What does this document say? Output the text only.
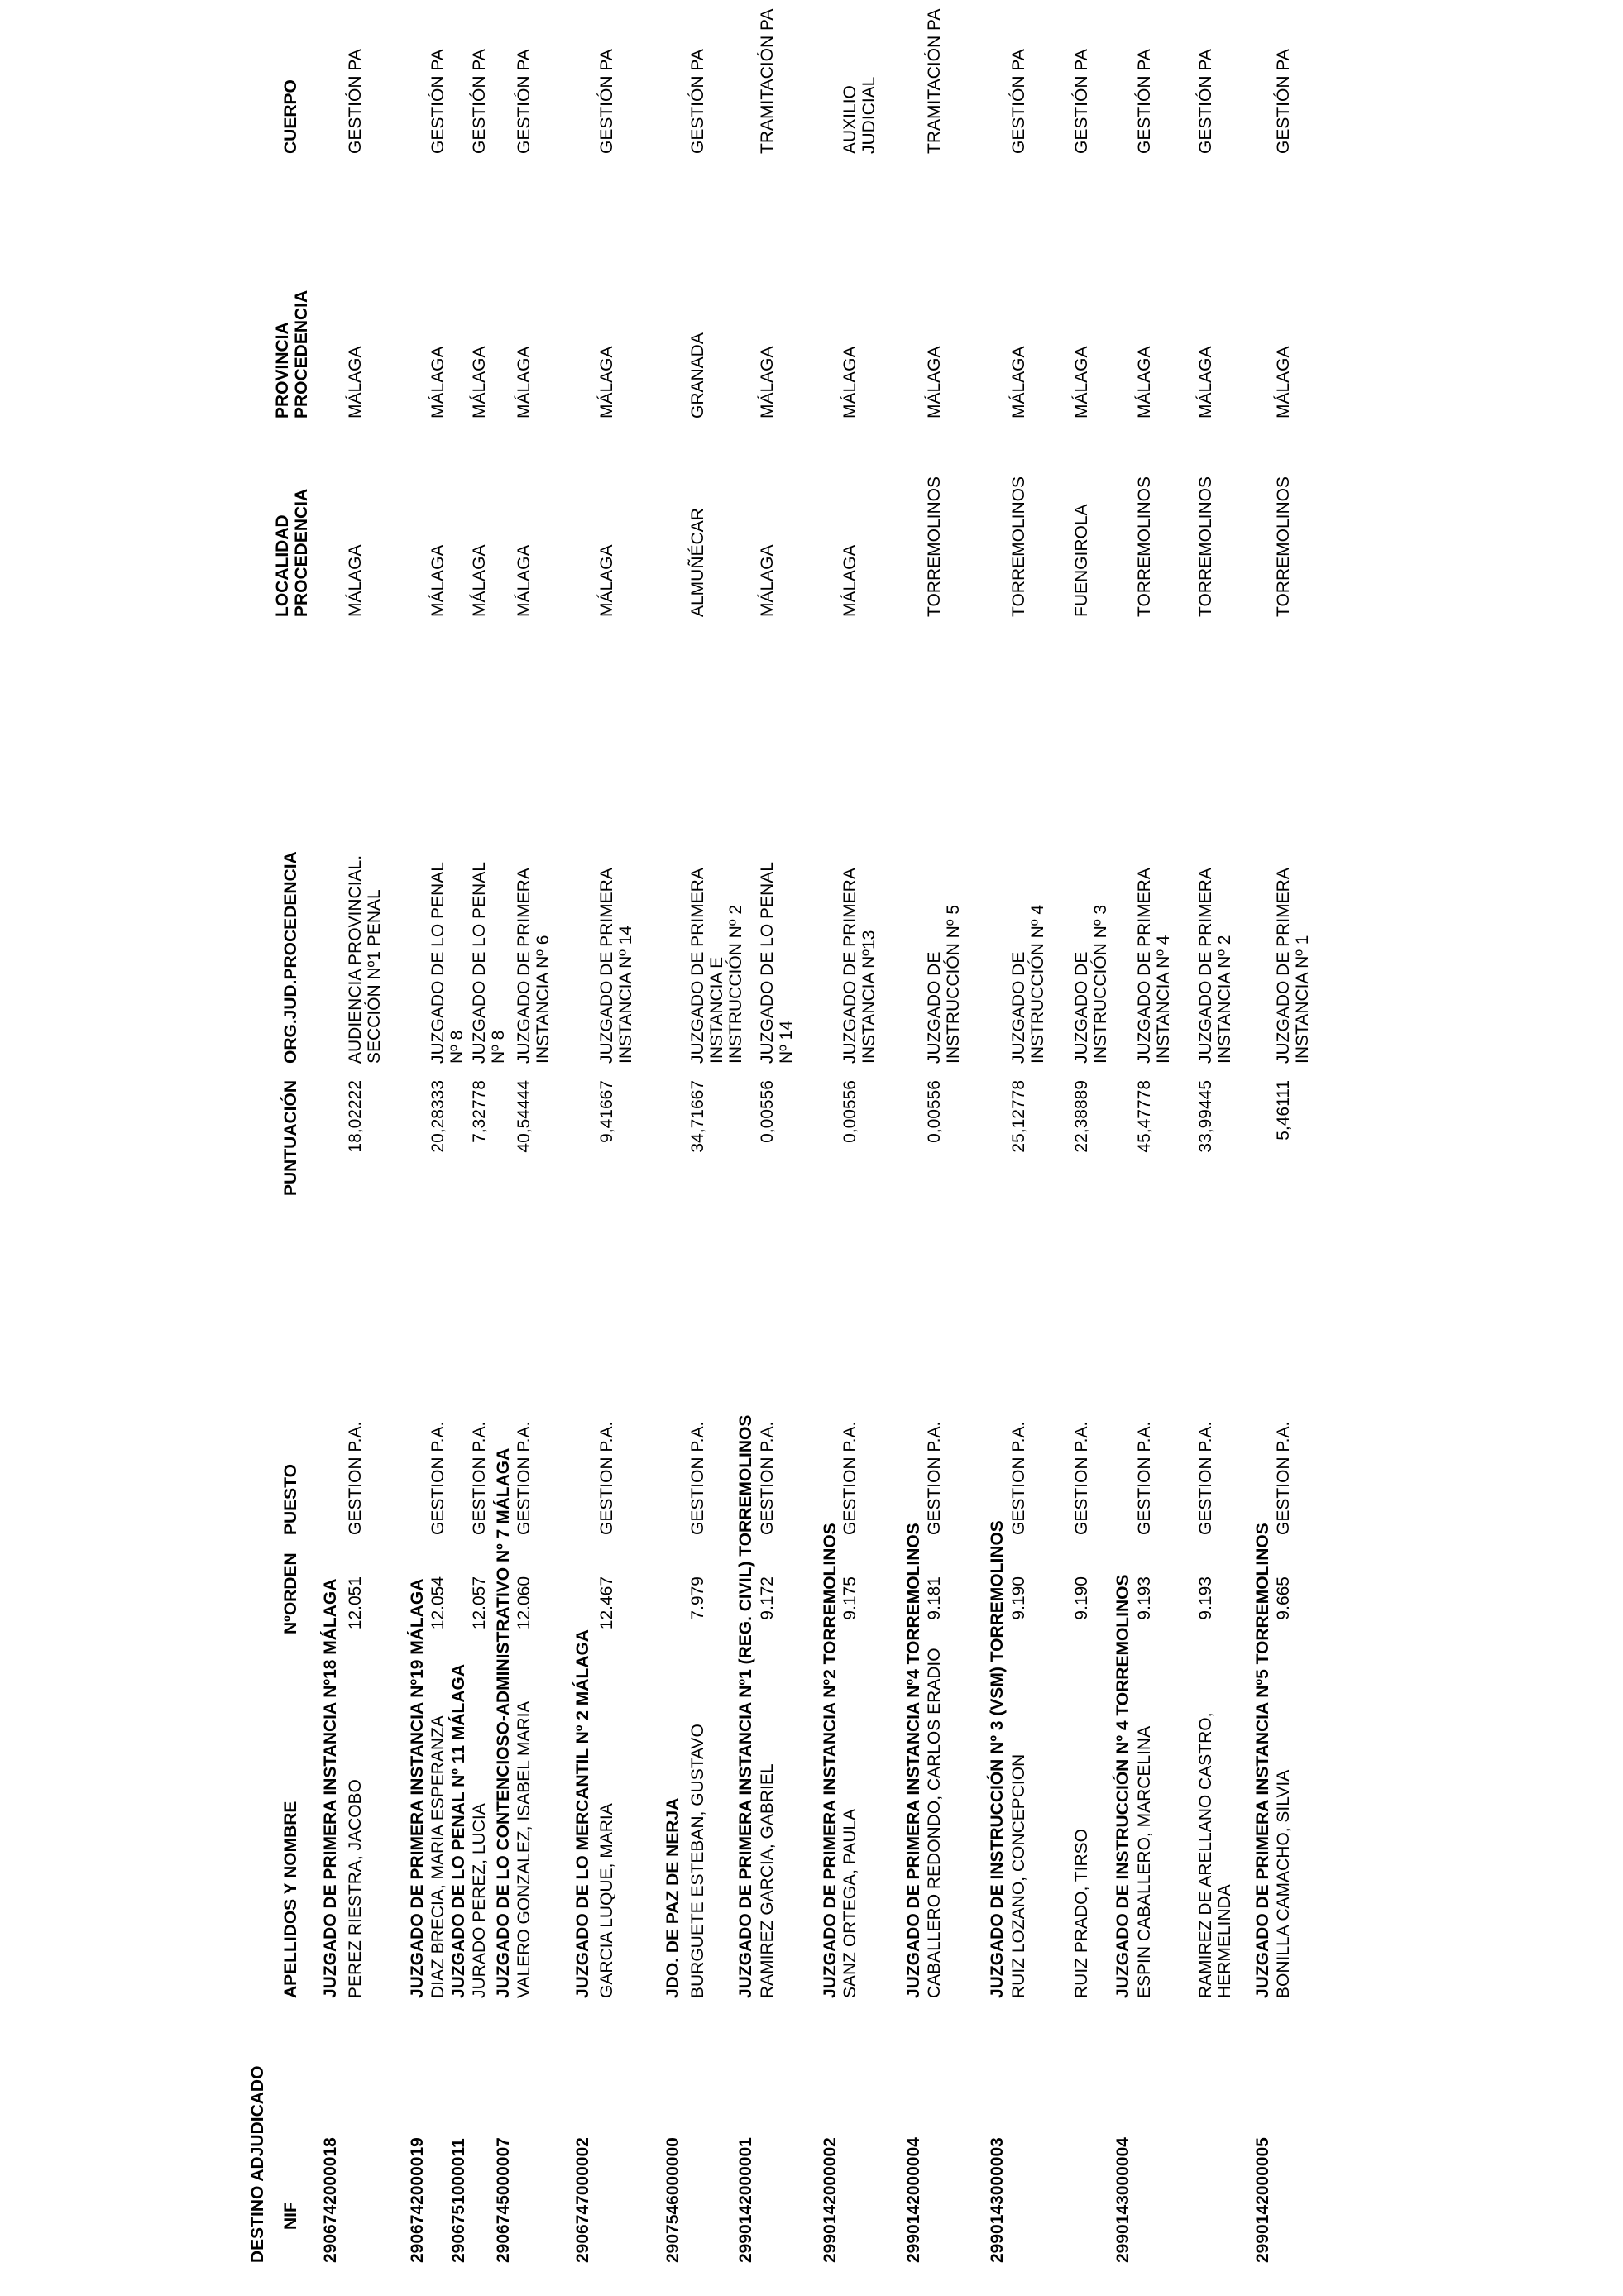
DESTINO ADJUDICADO NIF
APELLIDOS Y NOMBRE
NºORDEN
PUESTO
PUNTUACIÓN
ORG.JUD.PROCEDENCIA
LOCALIDAD
PROCEDENCIA
PROVINCIA
PROCEDENCIA
CUERPO
290674200001​8
JUZGADO DE PRIMERA INSTANCIA Nº18 MÁLAGA PEREZ RIESTRA, JACOBO
12.051
GESTION P.A.
18,02222
AUDIENCIA PROVINCIAL. SECCIÓN Nº1 PENAL
MÁLAGA
MÁLAGA
GESTIÓN PA
290674200001​9
JUZGADO DE PRIMERA INSTANCIA Nº19 MÁLAGA DIAZ BRECIA, MARIA ESPERANZA
12.054
GESTION P.A.
20,28333
JUZGADO DE LO PENAL Nº 8
MÁLAGA
MÁLAGA
GESTIÓN PA
2906751000011
JUZGADO DE LO PENAL Nº 11 MÁLAGA JURADO PEREZ, LUCIA
12.057
GESTION P.A.
7,32778
JUZGADO DE LO PENAL Nº 8
MÁLAGA
MÁLAGA
GESTIÓN PA
2906745000007
JUZGADO DE LO CONTENCIOSO-ADMINISTRATIVO Nº 7 MÁLAGA VALERO GONZALEZ, ISABEL MARIA
12.060
GESTION P.A.
40,54444
JUZGADO DE PRIMERA INSTANCIA Nº 6
MÁLAGA
MÁLAGA
GESTIÓN PA
2906747000002
JUZGADO DE LO MERCANTIL Nº 2 MÁLAGA GARCIA LUQUE, MARIA
12.467
GESTION P.A.
9,41667
JUZGADO DE PRIMERA INSTANCIA Nº 14
MÁLAGA
MÁLAGA
GESTIÓN PA
2907546000000
JDO. DE PAZ DE NERJA BURGUETE ESTEBAN, GUSTAVO
7.979
GESTION P.A.
34,71667
JUZGADO DE PRIMERA INSTANCIA E INSTRUCCIÓN Nº 2
ALMUÑÉCAR
GRANADA
GESTIÓN PA
2990142000001
JUZGADO DE PRIMERA INSTANCIA Nº1 (REG. CIVIL) TORREMOLINOS RAMIREZ GARCIA, GABRIEL
9.172
GESTION P.A.
0,00556
JUZGADO DE LO PENAL Nº 14
MÁLAGA
MÁLAGA
TRAMITACIÓN PA
2990142000002
JUZGADO DE PRIMERA INSTANCIA Nº2 TORREMOLINOS SANZ ORTEGA, PAULA
9.175
GESTION P.A.
0,00556
JUZGADO DE PRIMERA INSTANCIA Nº13
MÁLAGA
MÁLAGA
AUXILIO JUDICIAL
2990142000004
JUZGADO DE PRIMERA INSTANCIA Nº4 TORREMOLINOS CABALLERO REDONDO, CARLOS ERADIO
9.181
GESTION P.A.
0,00556
JUZGADO DE INSTRUCCIÓN Nº 5
TORREMOLINOS
MÁLAGA
TRAMITACIÓN PA
2990143000003
JUZGADO DE INSTRUCCIÓN Nº 3 (VSM) TORREMOLINOS RUIZ LOZANO, CONCEPCION
9.190
GESTION P.A.
25,12778
JUZGADO DE INSTRUCCIÓN Nº 4
TORREMOLINOS
MÁLAGA
GESTIÓN PA
RUIZ PRADO, TIRSO
9.190
GESTION P.A.
22,38889
JUZGADO DE INSTRUCCIÓN Nº 3
FUENGIROLA
MÁLAGA
GESTIÓN PA
2990143000004
JUZGADO DE INSTRUCCIÓN Nº 4 TORREMOLINOS ESPIN CABALLERO, MARCELINA
9.193
GESTION P.A.
45,47778
JUZGADO DE PRIMERA INSTANCIA Nº 4
TORREMOLINOS
MÁLAGA
GESTIÓN PA
RAMIREZ DE ARELLANO CASTRO, HERMELINDA
9.193
GESTION P.A.
33,99445
JUZGADO DE PRIMERA INSTANCIA Nº 2
TORREMOLINOS
MÁLAGA
GESTIÓN PA
2990142000005
JUZGADO DE PRIMERA INSTANCIA Nº5 TORREMOLINOS BONILLA CAMACHO, SILVIA
9.665
GESTION P.A.
5,46111
JUZGADO DE PRIMERA INSTANCIA Nº 1
TORREMOLINOS
MÁLAGA
GESTIÓN PA
